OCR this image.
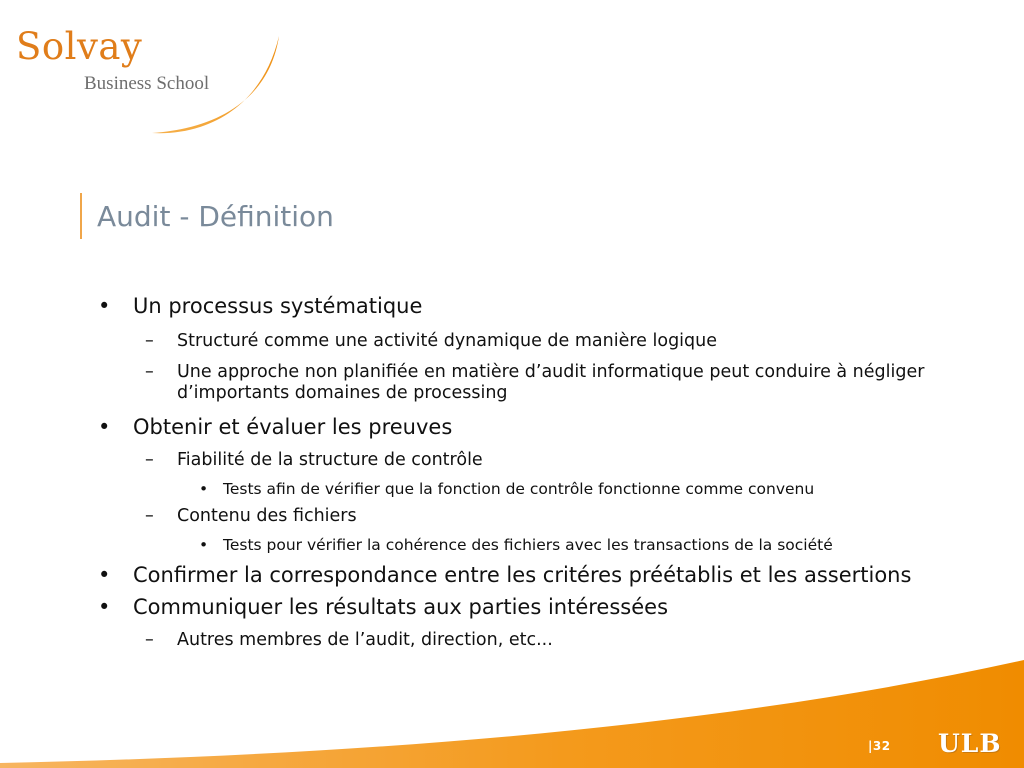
Solvay
Business School
Audit - Définition
• Un processus systématique
– Structuré comme une activité dynamique de manière logique
– Une approche non planifiée en matière d’audit informatique peut conduire à négliger d’importants domaines de processing
• Obtenir et évaluer les preuves
– Fiabilité de la structure de contrôle
• Tests afin de vérifier que la fonction de contrôle fonctionne comme convenu
– Contenu des fichiers
• Tests pour vérifier la cohérence des fichiers avec les transactions de la société
• Confirmer la correspondance entre les critéres préétablis et les assertions
• Communiquer les résultats aux parties intéressées
– Autres membres de l’audit, direction, etc...
|32 ULB
